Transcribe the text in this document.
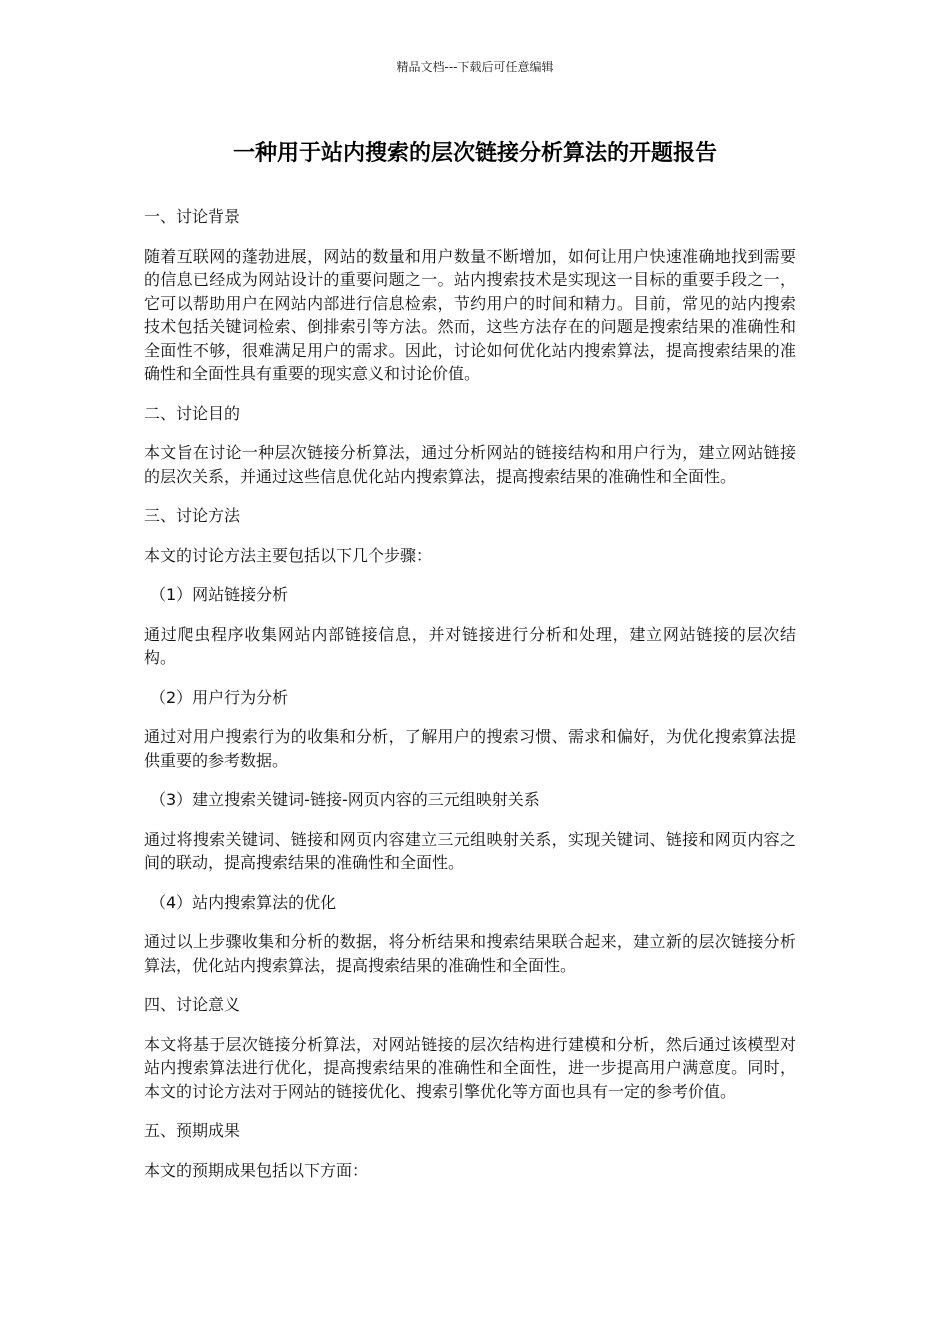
精品文档---下载后可任意编辑
一种用于站内搜索的层次链接分析算法的开题报告

一、讨论背景

随着互联网的蓬勃进展，网站的数量和用户数量不断增加，如何让用户快速准确地找到需要的信息已经成为网站设计的重要问题之一。站内搜索技术是实现这一目标的重要手段之一，它可以帮助用户在网站内部进行信息检索，节约用户的时间和精力。目前，常见的站内搜索技术包括关键词检索、倒排索引等方法。然而，这些方法存在的问题是搜索结果的准确性和全面性不够，很难满足用户的需求。因此，讨论如何优化站内搜索算法，提高搜索结果的准确性和全面性具有重要的现实意义和讨论价值。

二、讨论目的

本文旨在讨论一种层次链接分析算法，通过分析网站的链接结构和用户行为，建立网站链接的层次关系，并通过这些信息优化站内搜索算法，提高搜索结果的准确性和全面性。

三、讨论方法

本文的讨论方法主要包括以下几个步骤：

（1）网站链接分析

通过爬虫程序收集网站内部链接信息，并对链接进行分析和处理，建立网站链接的层次结构。

（2）用户行为分析

通过对用户搜索行为的收集和分析，了解用户的搜索习惯、需求和偏好，为优化搜索算法提供重要的参考数据。

（3）建立搜索关键词-链接-网页内容的三元组映射关系

通过将搜索关键词、链接和网页内容建立三元组映射关系，实现关键词、链接和网页内容之间的联动，提高搜索结果的准确性和全面性。

（4）站内搜索算法的优化

通过以上步骤收集和分析的数据，将分析结果和搜索结果联合起来，建立新的层次链接分析算法，优化站内搜索算法，提高搜索结果的准确性和全面性。

四、讨论意义

本文将基于层次链接分析算法，对网站链接的层次结构进行建模和分析，然后通过该模型对站内搜索算法进行优化，提高搜索结果的准确性和全面性，进一步提高用户满意度。同时，本文的讨论方法对于网站的链接优化、搜索引擎优化等方面也具有一定的参考价值。

五、预期成果

本文的预期成果包括以下方面：
